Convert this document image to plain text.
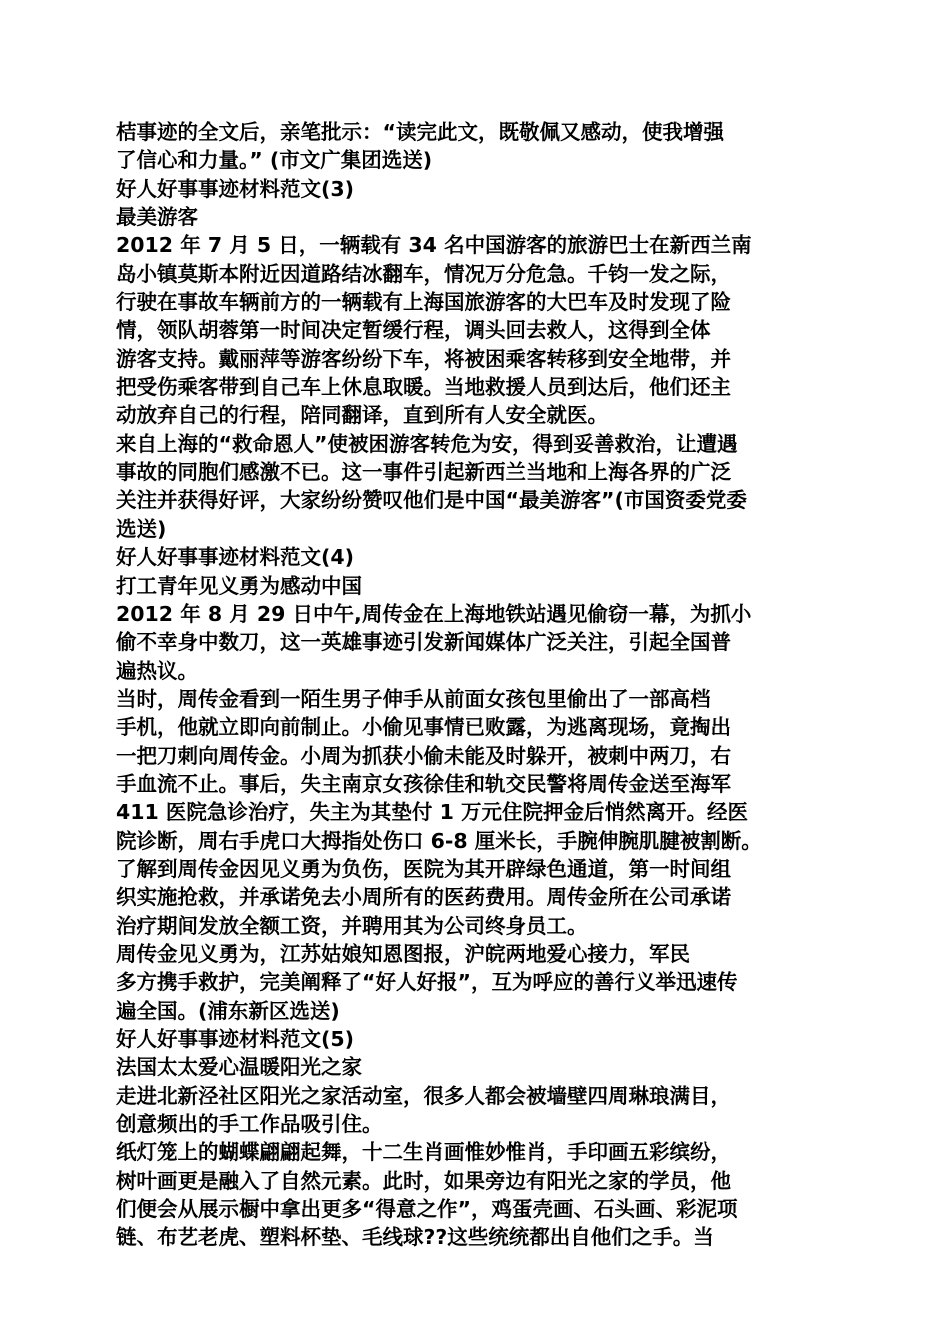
桔事迹的全文后，亲笔批示：“读完此文，既敬佩又感动，使我增强
了信心和力量。” (市文广集团选送)
好人好事事迹材料范文(3)
最美游客
2012 年 7 月 5 日，一辆载有 34 名中国游客的旅游巴士在新西兰南
岛小镇莫斯本附近因道路结冰翻车，情况万分危急。千钧一发之际，
行驶在事故车辆前方的一辆载有上海国旅游客的大巴车及时发现了险
情，领队胡蓉第一时间决定暂缓行程，调头回去救人，这得到全体
游客支持。戴丽萍等游客纷纷下车，将被困乘客转移到安全地带，并
把受伤乘客带到自己车上休息取暖。当地救援人员到达后，他们还主
动放弃自己的行程，陪同翻译，直到所有人安全就医。
来自上海的“救命恩人”使被困游客转危为安，得到妥善救治，让遭遇
事故的同胞们感激不已。这一事件引起新西兰当地和上海各界的广泛
关注并获得好评，大家纷纷赞叹他们是中国“最美游客”(市国资委党委
选送)
好人好事事迹材料范文(4)
打工青年见义勇为感动中国
2012 年 8 月 29 日中午,周传金在上海地铁站遇见偷窃一幕，为抓小
偷不幸身中数刀，这一英雄事迹引发新闻媒体广泛关注，引起全国普
遍热议。
当时，周传金看到一陌生男子伸手从前面女孩包里偷出了一部高档
手机，他就立即向前制止。小偷见事情已败露，为逃离现场，竟掏出
一把刀刺向周传金。小周为抓获小偷未能及时躲开，被刺中两刀，右
手血流不止。事后，失主南京女孩徐佳和轨交民警将周传金送至海军
411 医院急诊治疗，失主为其垫付 1 万元住院押金后悄然离开。经医
院诊断，周右手虎口大拇指处伤口 6-8 厘米长，手腕伸腕肌腱被割断。
了解到周传金因见义勇为负伤，医院为其开辟绿色通道，第一时间组
织实施抢救，并承诺免去小周所有的医药费用。周传金所在公司承诺
治疗期间发放全额工资，并聘用其为公司终身员工。
周传金见义勇为，江苏姑娘知恩图报，沪皖两地爱心接力，军民
多方携手救护，完美阐释了“好人好报”，互为呼应的善行义举迅速传
遍全国。(浦东新区选送)
好人好事事迹材料范文(5)
法国太太爱心温暖阳光之家
走进北新泾社区阳光之家活动室，很多人都会被墙壁四周琳琅满目，
创意频出的手工作品吸引住。
纸灯笼上的蝴蝶翩翩起舞，十二生肖画惟妙惟肖，手印画五彩缤纷，
树叶画更是融入了自然元素。此时，如果旁边有阳光之家的学员，他
们便会从展示橱中拿出更多“得意之作”，鸡蛋壳画、石头画、彩泥项
链、布艺老虎、塑料杯垫、毛线球??这些统统都出自他们之手。当
